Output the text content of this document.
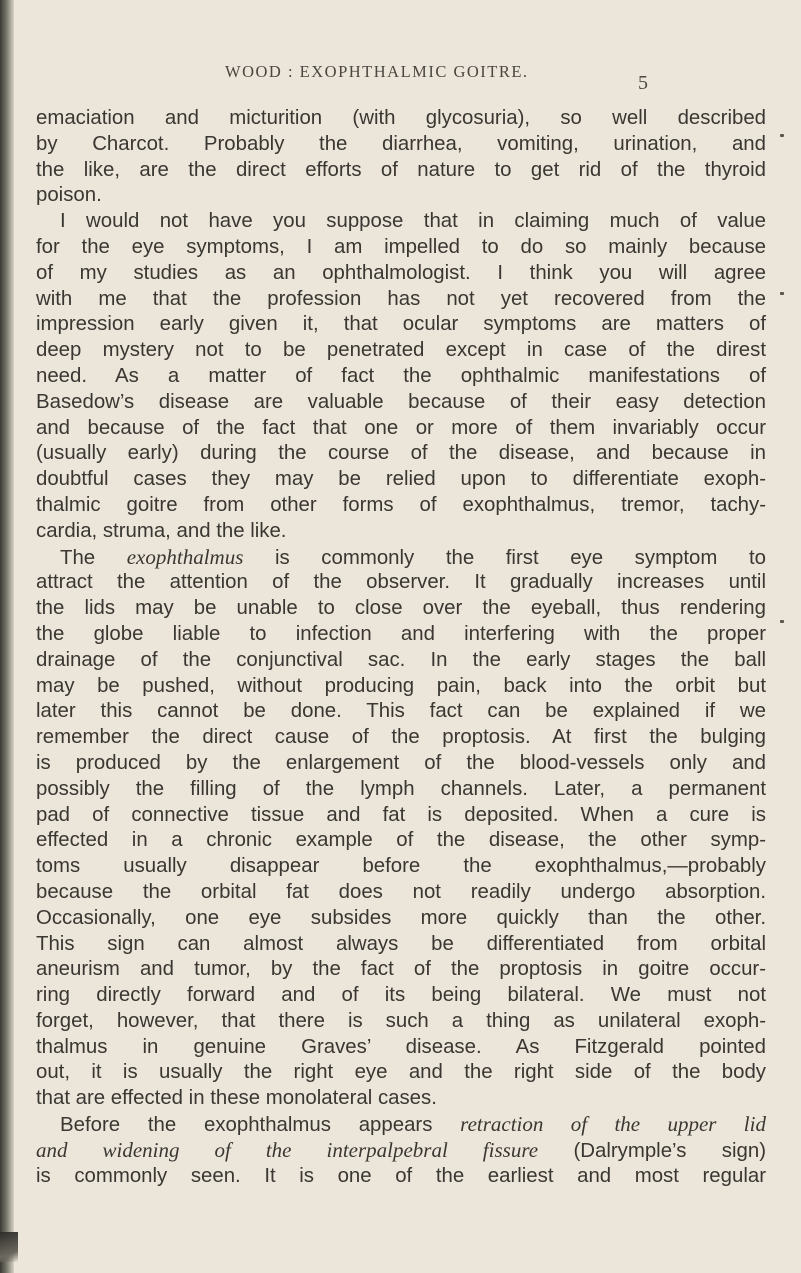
WOOD : EXOPHTHALMIC GOITRE.
5
emaciation and micturition (with glycosuria), so well described
by Charcot. Probably the diarrhea, vomiting, urination, and
the like, are the direct efforts of nature to get rid of the thyroid
poison.
I would not have you suppose that in claiming much of value
for the eye symptoms, I am impelled to do so mainly because
of my studies as an ophthalmologist. I think you will agree
with me that the profession has not yet recovered from the
impression early given it, that ocular symptoms are matters of
deep mystery not to be penetrated except in case of the direst
need. As a matter of fact the ophthalmic manifestations of
Basedow’s disease are valuable because of their easy detection
and because of the fact that one or more of them invariably occur
(usually early) during the course of the disease, and because in
doubtful cases they may be relied upon to differentiate exoph-
thalmic goitre from other forms of exophthalmus, tremor, tachy-
cardia, struma, and the like.
The exophthalmus is commonly the first eye symptom to
attract the attention of the observer. It gradually increases until
the lids may be unable to close over the eyeball, thus rendering
the globe liable to infection and interfering with the proper
drainage of the conjunctival sac. In the early stages the ball
may be pushed, without producing pain, back into the orbit but
later this cannot be done. This fact can be explained if we
remember the direct cause of the proptosis. At first the bulging
is produced by the enlargement of the blood-vessels only and
possibly the filling of the lymph channels. Later, a permanent
pad of connective tissue and fat is deposited. When a cure is
effected in a chronic example of the disease, the other symp-
toms usually disappear before the exophthalmus,—probably
because the orbital fat does not readily undergo absorption.
Occasionally, one eye subsides more quickly than the other.
This sign can almost always be differentiated from orbital
aneurism and tumor, by the fact of the proptosis in goitre occur-
ring directly forward and of its being bilateral. We must not
forget, however, that there is such a thing as unilateral exoph-
thalmus in genuine Graves’ disease. As Fitzgerald pointed
out, it is usually the right eye and the right side of the body
that are effected in these monolateral cases.
Before the exophthalmus appears retraction of the upper lid
and widening of the interpalpebral fissure (Dalrymple’s sign)
is commonly seen. It is one of the earliest and most regular
